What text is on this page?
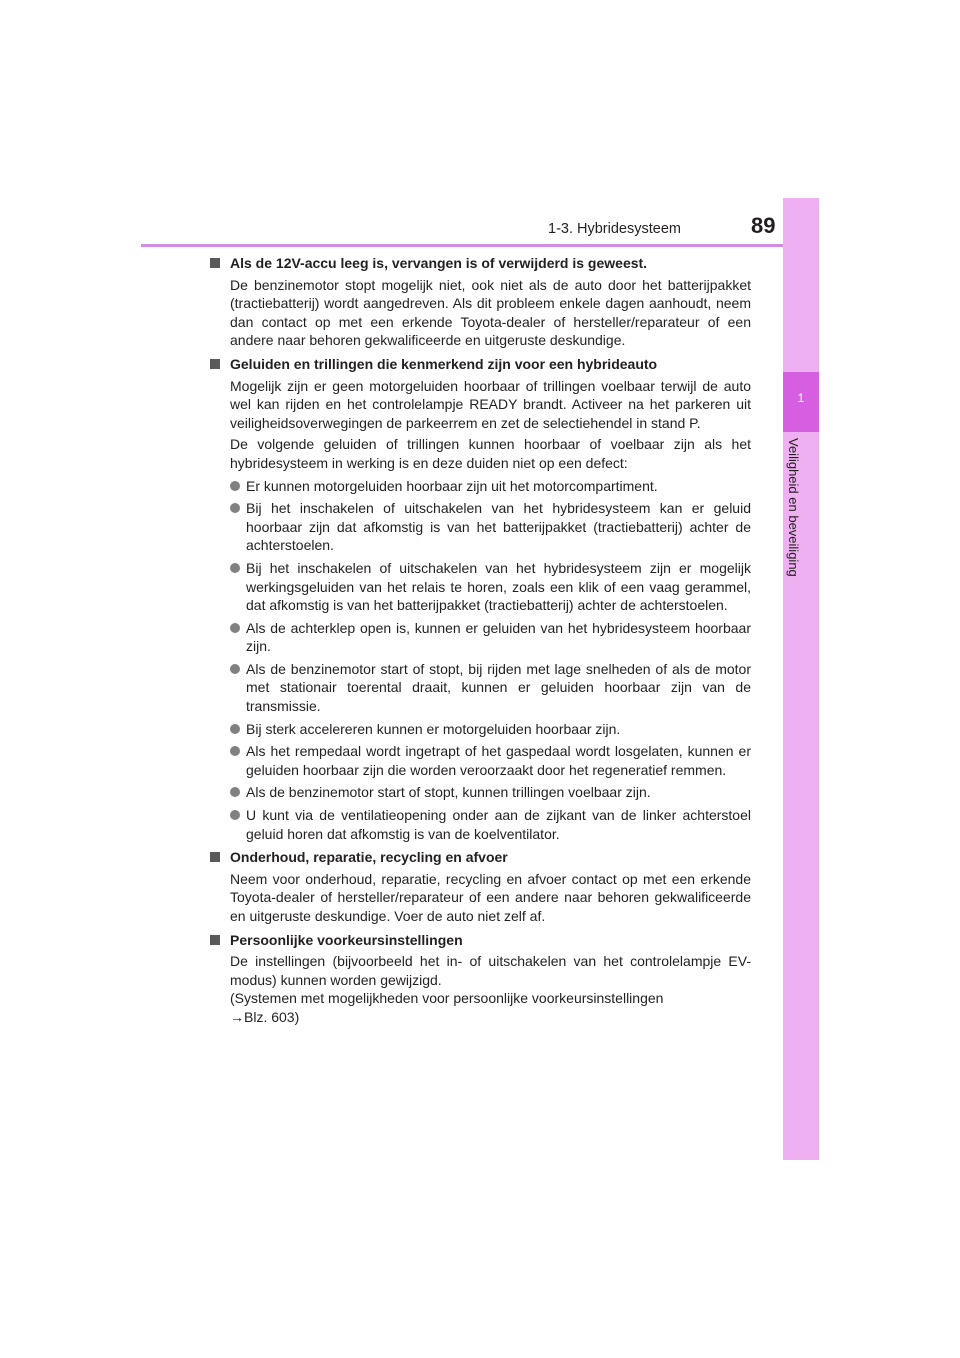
1-3. Hybridesysteem	89
1
Veiligheid en beveiliging
Als de 12V-accu leeg is, vervangen is of verwijderd is geweest.
De benzinemotor stopt mogelijk niet, ook niet als de auto door het batterijpakket (tractiebatterij) wordt aangedreven. Als dit probleem enkele dagen aanhoudt, neem dan contact op met een erkende Toyota-dealer of hersteller/reparateur of een andere naar behoren gekwalificeerde en uitgeruste deskundige.
Geluiden en trillingen die kenmerkend zijn voor een hybrideauto
Mogelijk zijn er geen motorgeluiden hoorbaar of trillingen voelbaar terwijl de auto wel kan rijden en het controlelampje READY brandt. Activeer na het parkeren uit veiligheidsoverwegingen de parkeerrem en zet de selectiehendel in stand P.
De volgende geluiden of trillingen kunnen hoorbaar of voelbaar zijn als het hybridesysteem in werking is en deze duiden niet op een defect:
Er kunnen motorgeluiden hoorbaar zijn uit het motorcompartiment.
Bij het inschakelen of uitschakelen van het hybridesysteem kan er geluid hoorbaar zijn dat afkomstig is van het batterijpakket (tractiebatterij) achter de achterstoelen.
Bij het inschakelen of uitschakelen van het hybridesysteem zijn er mogelijk werkingsgeluiden van het relais te horen, zoals een klik of een vaag gerammel, dat afkomstig is van het batterijpakket (tractiebatterij) achter de achterstoelen.
Als de achterklep open is, kunnen er geluiden van het hybridesysteem hoorbaar zijn.
Als de benzinemotor start of stopt, bij rijden met lage snelheden of als de motor met stationair toerental draait, kunnen er geluiden hoorbaar zijn van de transmissie.
Bij sterk accelereren kunnen er motorgeluiden hoorbaar zijn.
Als het rempedaal wordt ingetrapt of het gaspedaal wordt losgelaten, kunnen er geluiden hoorbaar zijn die worden veroorzaakt door het regeneratief remmen.
Als de benzinemotor start of stopt, kunnen trillingen voelbaar zijn.
U kunt via de ventilatieopening onder aan de zijkant van de linker achterstoel geluid horen dat afkomstig is van de koelventilator.
Onderhoud, reparatie, recycling en afvoer
Neem voor onderhoud, reparatie, recycling en afvoer contact op met een erkende Toyota-dealer of hersteller/reparateur of een andere naar behoren gekwalificeerde en uitgeruste deskundige. Voer de auto niet zelf af.
Persoonlijke voorkeursinstellingen
De instellingen (bijvoorbeeld het in- of uitschakelen van het controlelampje EV-modus) kunnen worden gewijzigd.
(Systemen met mogelijkheden voor persoonlijke voorkeursinstellingen
→Blz. 603)
